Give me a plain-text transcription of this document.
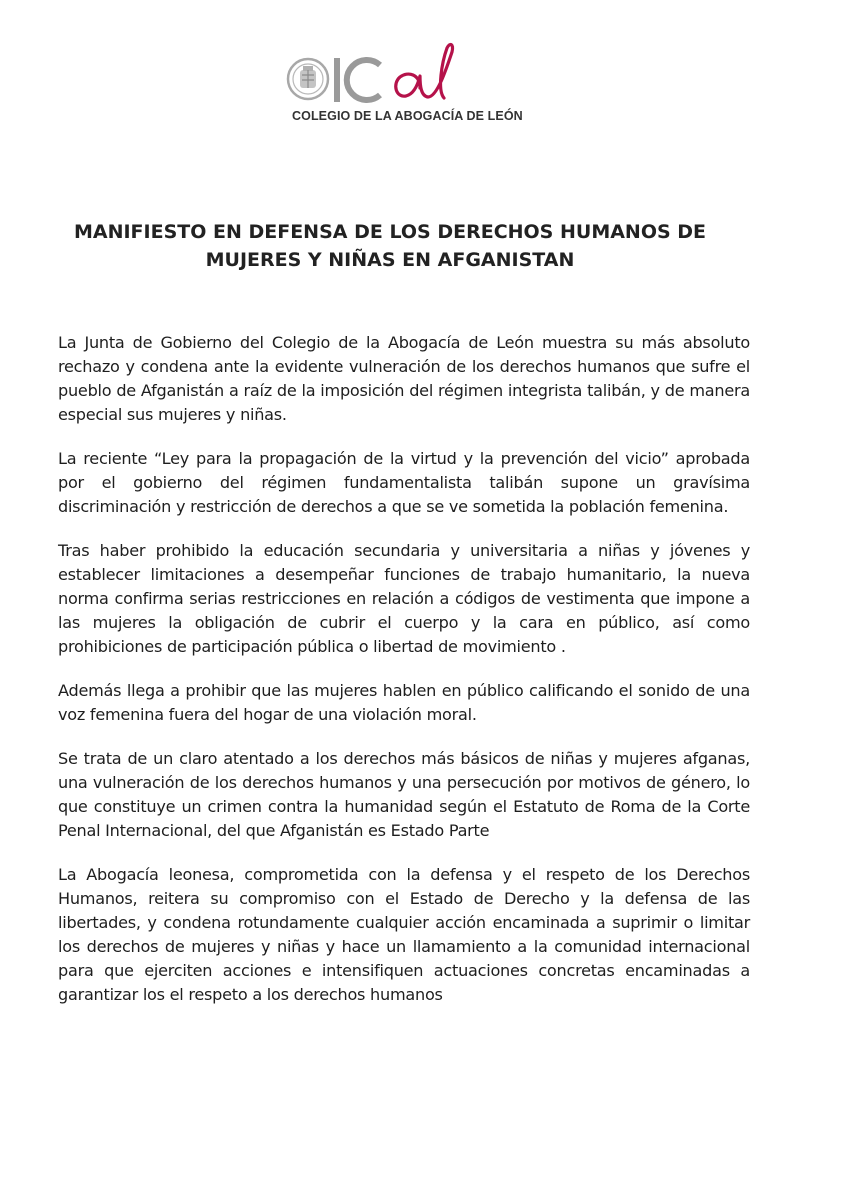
COLEGIO DE LA ABOGACÍA DE LEÓN
MANIFIESTO EN DEFENSA DE LOS DERECHOS HUMANOS DE
MUJERES Y NIÑAS EN AFGANISTAN

La Junta de Gobierno del Colegio de la Abogacía de León muestra su más absoluto rechazo y condena ante la evidente vulneración de los derechos humanos que sufre el pueblo de Afganistán a raíz de la imposición del régimen integrista talibán, y de manera especial sus mujeres y niñas.

La reciente “Ley para la propagación de la virtud y la prevención del vicio” aprobada por el gobierno del régimen fundamentalista talibán supone un gravísima discriminación y restricción de derechos a que se ve sometida la población femenina.

Tras haber prohibido la educación secundaria y universitaria a niñas y jóvenes y establecer limitaciones a desempeñar funciones de trabajo humanitario, la nueva norma confirma serias restricciones en relación a códigos de vestimenta que impone a las mujeres la obligación de cubrir el cuerpo y la cara en público, así como prohibiciones de participación pública o libertad de movimiento .

Además llega a prohibir que las mujeres hablen en público calificando el sonido de una voz femenina fuera del hogar de una violación moral.

Se trata de un claro atentado a los derechos más básicos de niñas y mujeres afganas, una vulneración de los derechos humanos y una persecución por motivos de género, lo que constituye un crimen contra la humanidad según el Estatuto de Roma de la Corte Penal Internacional, del que Afganistán es Estado Parte

La Abogacía leonesa, comprometida con la defensa y el respeto de los Derechos Humanos, reitera su compromiso con el Estado de Derecho y la defensa de las libertades, y condena rotundamente cualquier acción encaminada a suprimir o limitar los derechos de mujeres y niñas y hace un llamamiento a la comunidad internacional para que ejerciten acciones e intensifiquen actuaciones concretas encaminadas a garantizar los el respeto a los derechos humanos
